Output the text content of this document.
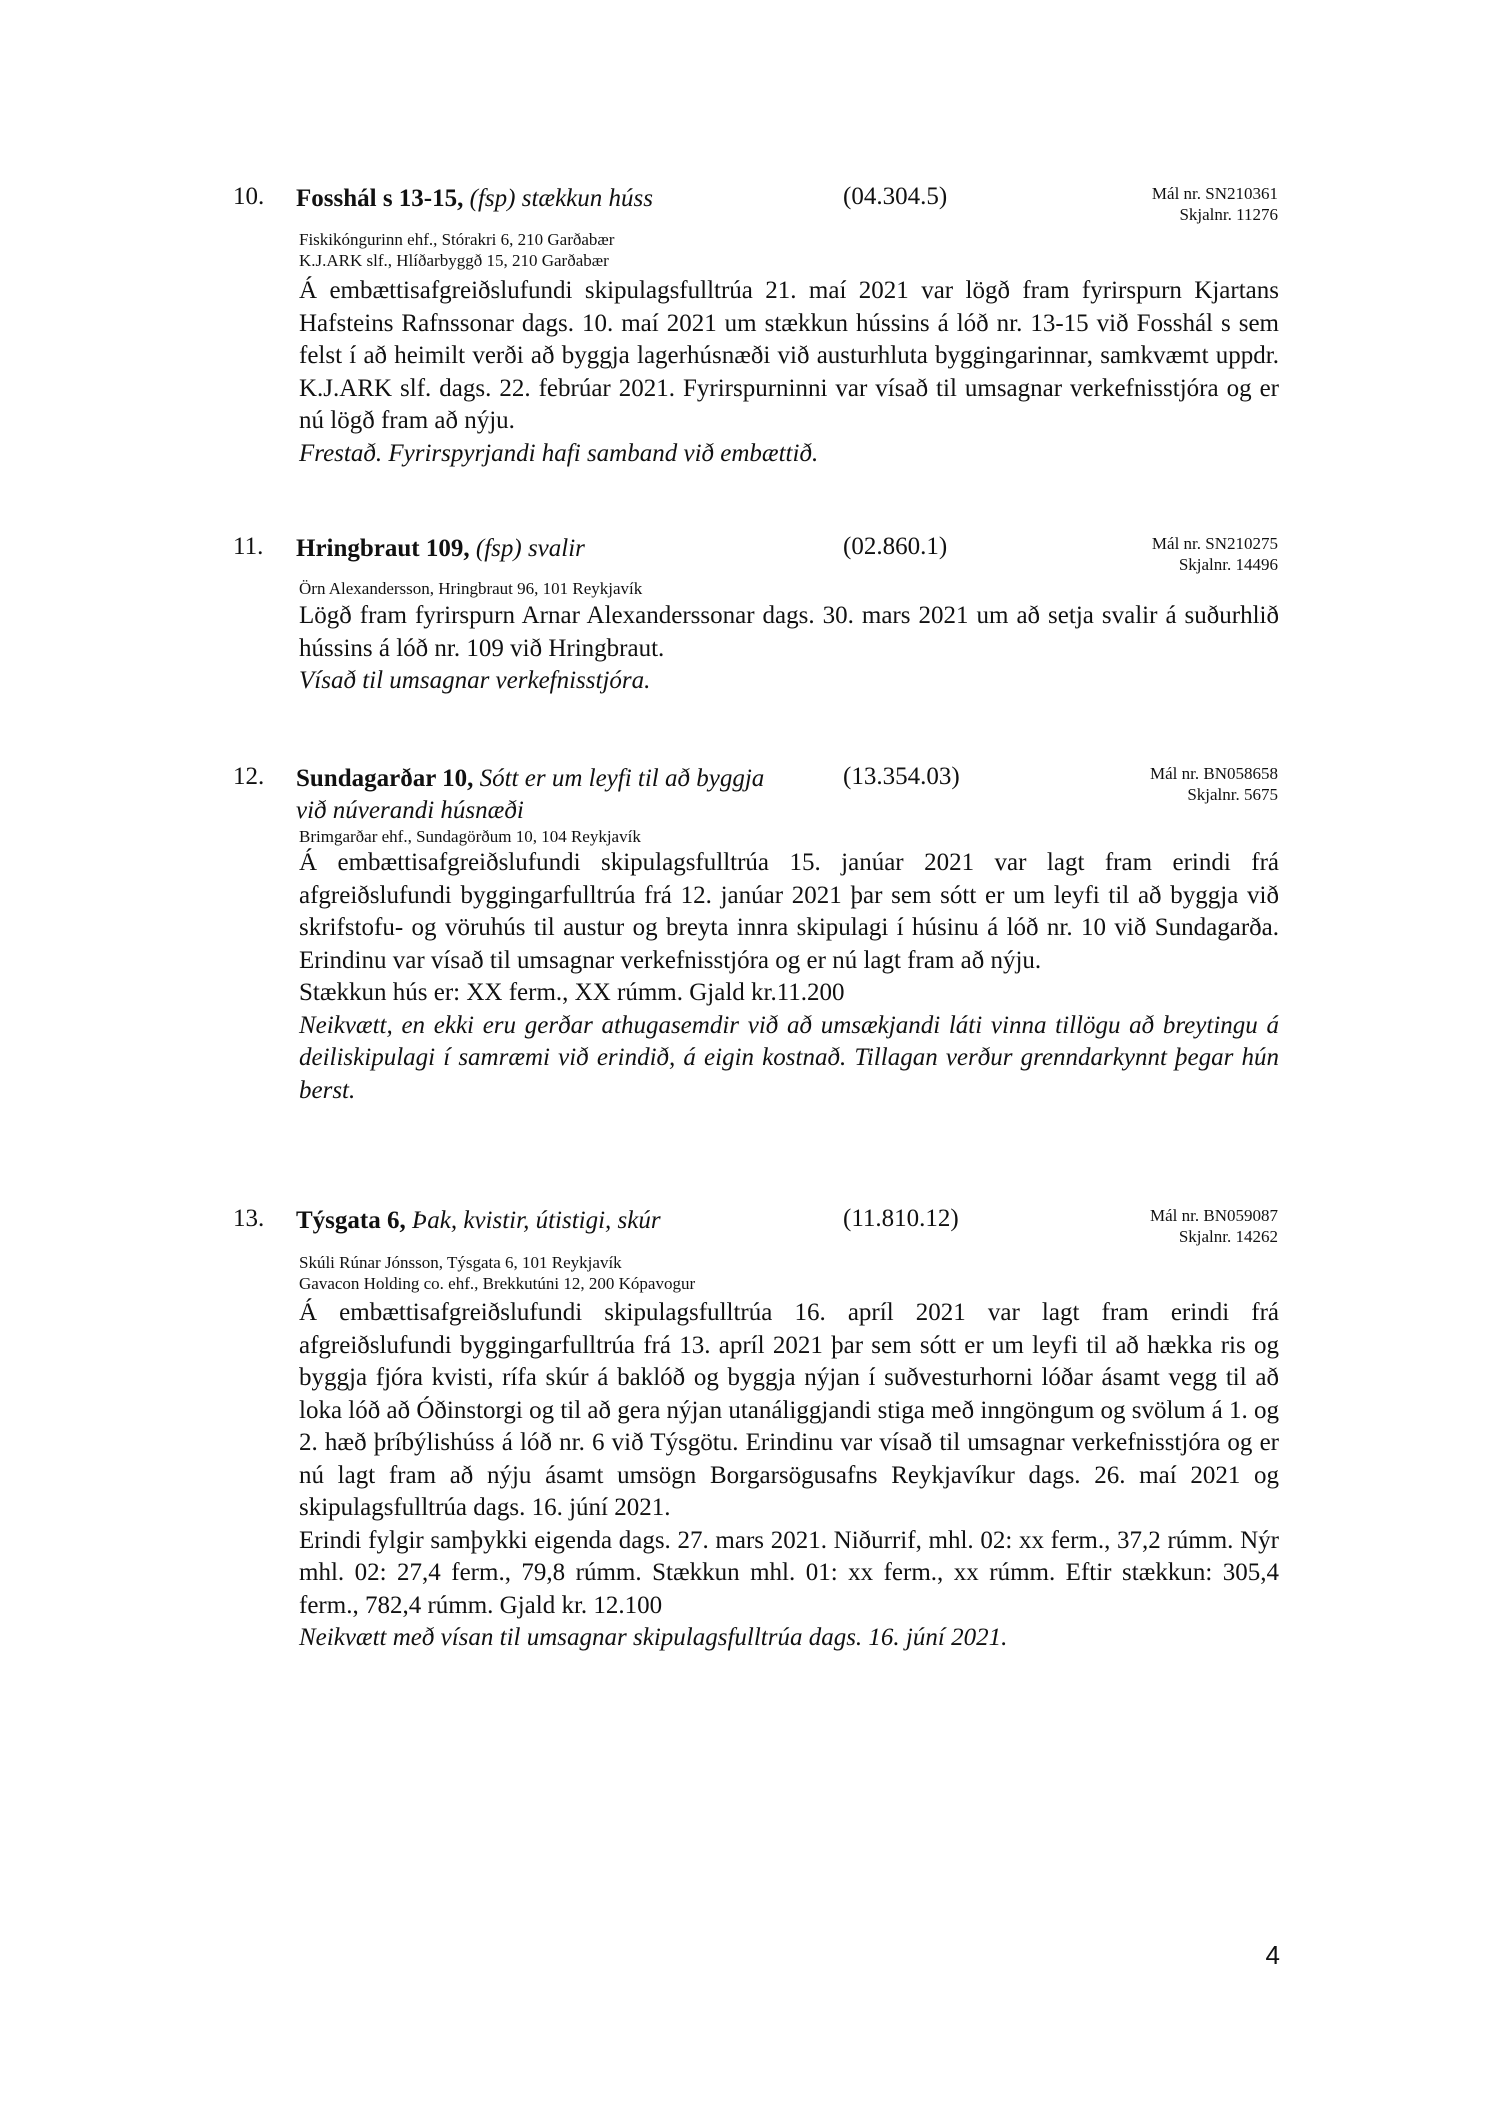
10. Fosshál s 13-15, (fsp) stækkun húss	(04.304.5)	Mál nr. SN210361
Skjalnr. 11276
Fiskikóngurinn ehf., Stórakri 6, 210 Garðabær
K.J.ARK slf., Hlíðarbyggð 15, 210 Garðabær

Á embættisafgreiðslufundi skipulagsfulltrúa 21. maí 2021 var lögð fram fyrirspurn Kjartans Hafsteins Rafnssonar dags. 10. maí 2021 um stækkun hússins á lóð nr. 13-15 við Fosshál s sem felst í að heimilt verði að byggja lagerhúsnæði við austurhluta byggingarinnar, samkvæmt uppdr. K.J.ARK slf. dags. 22. febrúar 2021. Fyrirspurninni var vísað til umsagnar verkefnisstjóra og er nú lögð fram að nýju.

Frestað. Fyrirspyrjandi hafi samband við embættið.

11. Hringbraut 109, (fsp) svalir	(02.860.1)	Mál nr. SN210275
Skjalnr. 14496
Örn Alexandersson, Hringbraut 96, 101 Reykjavík

Lögð fram fyrirspurn Arnar Alexanderssonar dags. 30. mars 2021 um að setja svalir á suðurhlið hússins á lóð nr. 109 við Hringbraut.

Vísað til umsagnar verkefnisstjóra.

12. Sundagarðar 10, Sótt er um leyfi til að byggja við núverandi húsnæði
(13.354.03)	Mál nr. BN058658
Skjalnr. 5675
Brimgarðar ehf., Sundagörðum 10, 104 Reykjavík

Á embættisafgreiðslufundi skipulagsfulltrúa 15. janúar 2021 var lagt fram erindi frá afgreiðslufundi byggingarfulltrúa frá 12. janúar 2021 þar sem sótt er um leyfi til að byggja við skrifstofu- og vöruhús til austur og breyta innra skipulagi í húsinu á lóð nr. 10 við Sundagarða. Erindinu var vísað til umsagnar verkefnisstjóra og er nú lagt fram að nýju.

Stækkun hús er: XX ferm., XX rúmm. Gjald kr.11.200

Neikvætt, en ekki eru gerðar athugasemdir við að umsækjandi láti vinna tillögu að breytingu á deiliskipulagi í samræmi við erindið, á eigin kostnað. Tillagan verður grenndarkynnt þegar hún berst.

13. Týsgata 6, Þak, kvistir, útistigi, skúr	(11.810.12)	Mál nr. BN059087
Skjalnr. 14262
Skúli Rúnar Jónsson, Týsgata 6, 101 Reykjavík
Gavacon Holding co. ehf., Brekkutúni 12, 200 Kópavogur

Á embættisafgreiðslufundi skipulagsfulltrúa 16. apríl 2021 var lagt fram erindi frá afgreiðslufundi byggingarfulltrúa frá 13. apríl 2021 þar sem sótt er um leyfi til að hækka ris og byggja fjóra kvisti, rífa skúr á baklóð og byggja nýjan í suðvesturhorni lóðar ásamt vegg til að loka lóð að Óðinstorgi og til að gera nýjan utanáliggjandi stiga með inngöngum og svölum á 1. og 2. hæð þríbýlishúss á lóð nr. 6 við Týsgötu. Erindinu var vísað til umsagnar verkefnisstjóra og er nú lagt fram að nýju ásamt umsögn Borgarsögusafns Reykjavíkur dags. 26. maí 2021 og skipulagsfulltrúa dags. 16. júní 2021.

Erindi fylgir samþykki eigenda dags. 27. mars 2021. Niðurrif, mhl. 02: xx ferm., 37,2 rúmm. Nýr mhl. 02: 27,4 ferm., 79,8 rúmm. Stækkun mhl. 01: xx ferm., xx rúmm. Eftir stækkun: 305,4 ferm., 782,4 rúmm. Gjald kr. 12.100

Neikvætt með vísan til umsagnar skipulagsfulltrúa dags. 16. júní 2021.

4
